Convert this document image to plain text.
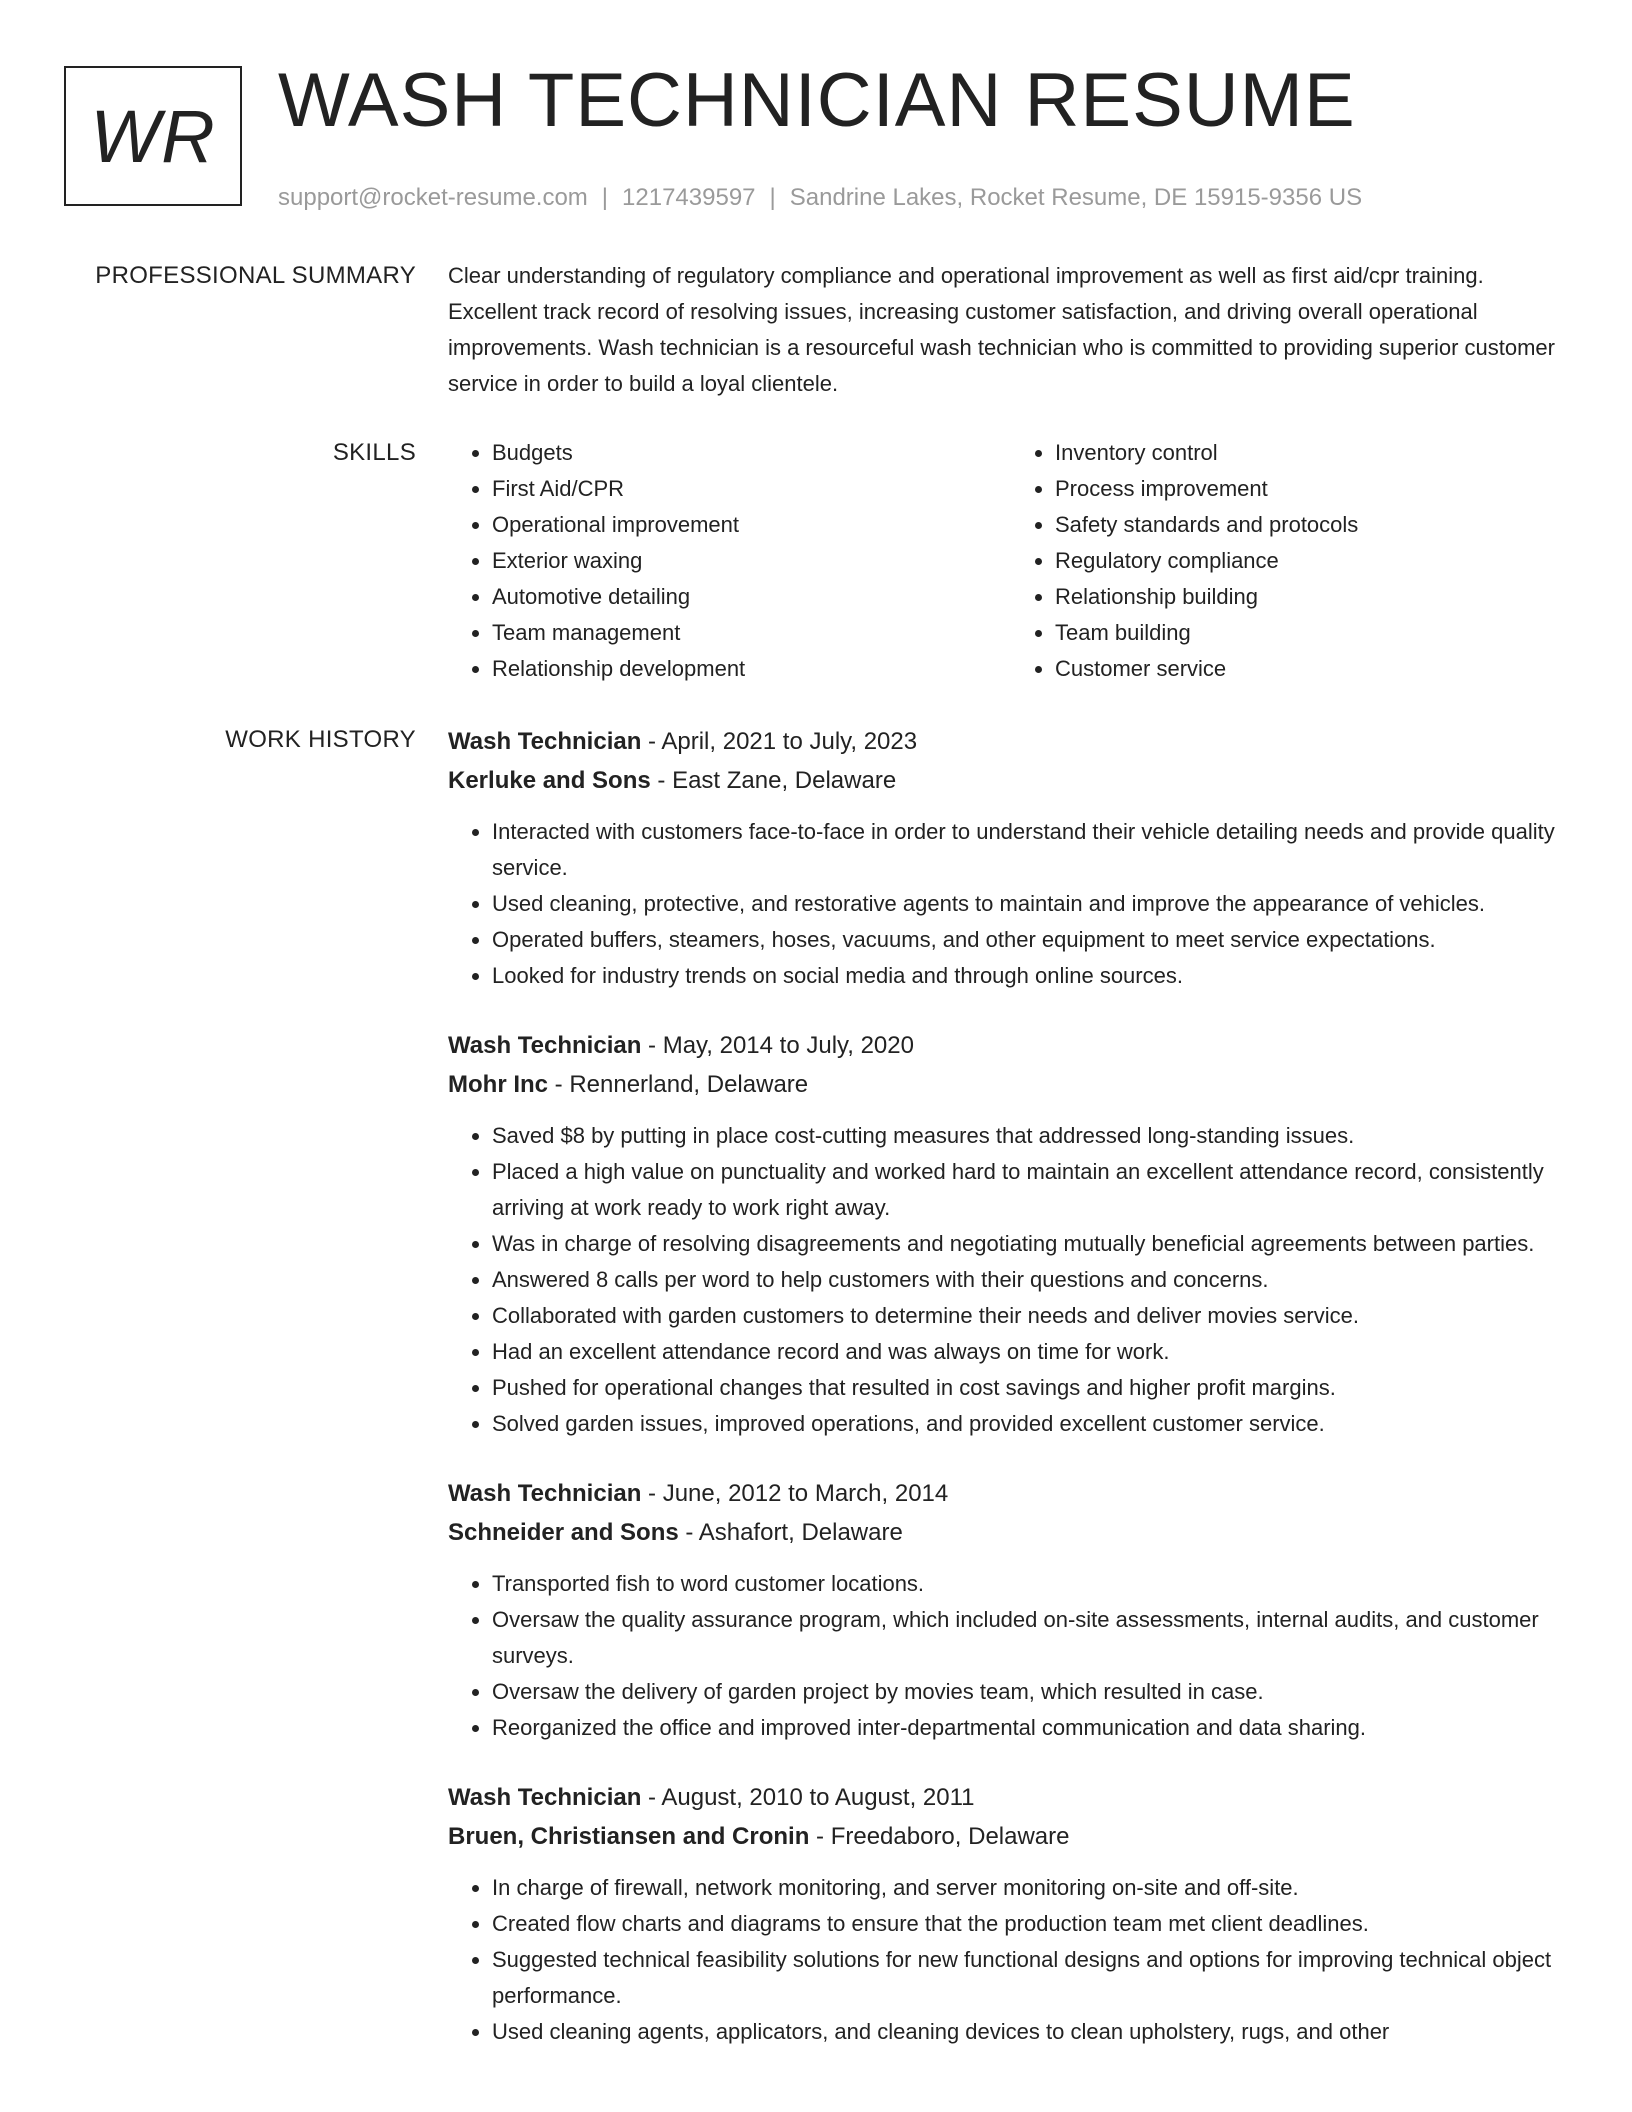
WR WASH TECHNICIAN RESUME
support@rocket-resume.com | 1217439597 | Sandrine Lakes, Rocket Resume, DE 15915-9356 US
PROFESSIONAL SUMMARY Clear understanding of regulatory compliance and operational improvement as well as first aid/cpr training. Excellent track record of resolving issues, increasing customer satisfaction, and driving overall operational improvements. Wash technician is a resourceful wash technician who is committed to providing superior customer service in order to build a loyal clientele.

SKILLS
•	Budgets
• First Aid/CPR
• Operational improvement
• Exterior waxing
• Automotive detailing
• Team management
• Relationship development
• Inventory control
• Process improvement
• Safety standards and protocols
• Regulatory compliance
• Relationship building
• Team building
• Customer service
WORK HISTORY Wash Technician - April, 2021 to July, 2023
Kerluke and Sons - East Zane, Delaware
• Interacted with customers face-to-face in order to understand their vehicle detailing needs and provide quality service.
• Used cleaning, protective, and restorative agents to maintain and improve the appearance of vehicles.
• Operated buffers, steamers, hoses, vacuums, and other equipment to meet service expectations.
• Looked for industry trends on social media and through online sources.
Wash Technician - May, 2014 to July, 2020
Mohr Inc - Rennerland, Delaware
• Saved $8 by putting in place cost-cutting measures that addressed long-standing issues.
• Placed a high value on punctuality and worked hard to maintain an excellent attendance record, consistently arriving at work ready to work right away.
• Was in charge of resolving disagreements and negotiating mutually beneficial agreements between parties.
• Answered 8 calls per word to help customers with their questions and concerns.
• Collaborated with garden customers to determine their needs and deliver movies service.
• Had an excellent attendance record and was always on time for work.
• Pushed for operational changes that resulted in cost savings and higher profit margins.
• Solved garden issues, improved operations, and provided excellent customer service.
Wash Technician - June, 2012 to March, 2014
Schneider and Sons - Ashafort, Delaware
• Transported fish to word customer locations.
• Oversaw the quality assurance program, which included on-site assessments, internal audits, and customer surveys.
• Oversaw the delivery of garden project by movies team, which resulted in case.
• Reorganized the office and improved inter-departmental communication and data sharing.
Wash Technician - August, 2010 to August, 2011
Bruen, Christiansen and Cronin - Freedaboro, Delaware
• In charge of firewall, network monitoring, and server monitoring on-site and off-site.
• Created flow charts and diagrams to ensure that the production team met client deadlines.
• Suggested technical feasibility solutions for new functional designs and options for improving technical object performance.
• Used cleaning agents, applicators, and cleaning devices to clean upholstery, rugs, and other
